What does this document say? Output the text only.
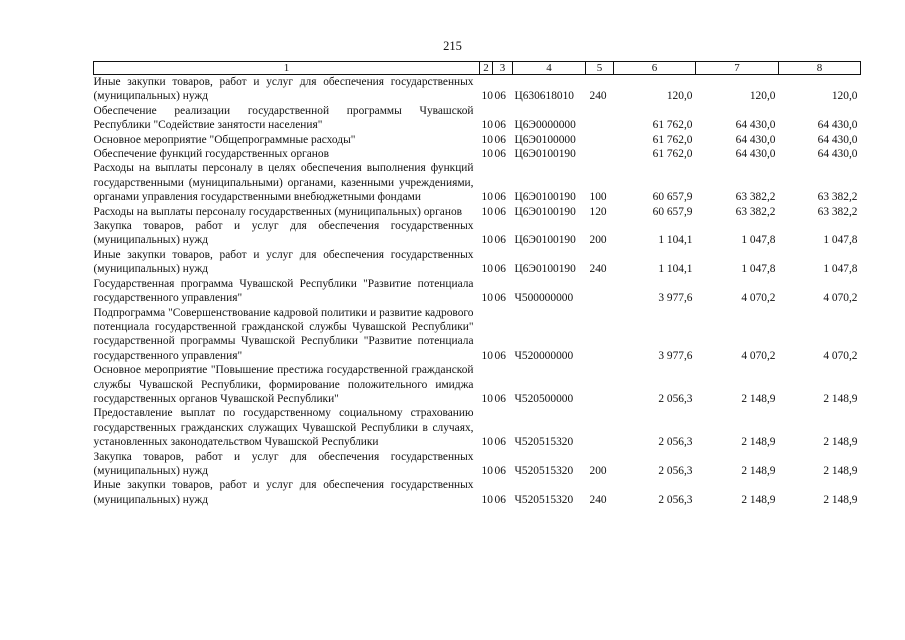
215
1	2	3	4	5	6	7	8
Иные закупки товаров, работ и услуг для обеспечения государственных (муниципальных) нужд	10	06	Ц630618010	240	120,0	120,0	120,0
Обеспечение реализации государственной программы Чувашской Республики "Содействие занятости населения"	10	06	Ц6Э0000000		61 762,0	64 430,0	64 430,0
Основное мероприятие "Общепрограммные расходы"	10	06	Ц6Э0100000		61 762,0	64 430,0	64 430,0
Обеспечение функций государственных органов	10	06	Ц6Э0100190		61 762,0	64 430,0	64 430,0
Расходы на выплаты персоналу в целях обеспечения выполнения функций государственными (муниципальными) органами, казенными учреждениями, органами управления государственными внебюджетными фондами	10	06	Ц6Э0100190	100	60 657,9	63 382,2	63 382,2
Расходы на выплаты персоналу государственных (муниципальных) органов	10	06	Ц6Э0100190	120	60 657,9	63 382,2	63 382,2
Закупка товаров, работ и услуг для обеспечения государственных (муниципальных) нужд	10	06	Ц6Э0100190	200	1 104,1	1 047,8	1 047,8
Иные закупки товаров, работ и услуг для обеспечения государственных (муниципальных) нужд	10	06	Ц6Э0100190	240	1 104,1	1 047,8	1 047,8
Государственная программа Чувашской Республики "Развитие потенциала государственного управления"	10	06	Ч500000000		3 977,6	4 070,2	4 070,2
Подпрограмма "Совершенствование кадровой политики и развитие кадрового потенциала государственной гражданской службы Чувашской Республики" государственной программы Чувашской Республики "Развитие потенциала государственного управления"	10	06	Ч520000000		3 977,6	4 070,2	4 070,2
Основное мероприятие "Повышение престижа государственной гражданской службы Чувашской Республики, формирование положительного имиджа государственных органов Чувашской Республики"	10	06	Ч520500000		2 056,3	2 148,9	2 148,9
Предоставление выплат по государственному социальному страхованию государственных гражданских служащих Чувашской Республики в случаях, установленных законодательством Чувашской Республики	10	06	Ч520515320		2 056,3	2 148,9	2 148,9
Закупка товаров, работ и услуг для обеспечения государственных (муниципальных) нужд	10	06	Ч520515320	200	2 056,3	2 148,9	2 148,9
Иные закупки товаров, работ и услуг для обеспечения государственных (муниципальных) нужд	10	06	Ч520515320	240	2 056,3	2 148,9	2 148,9
